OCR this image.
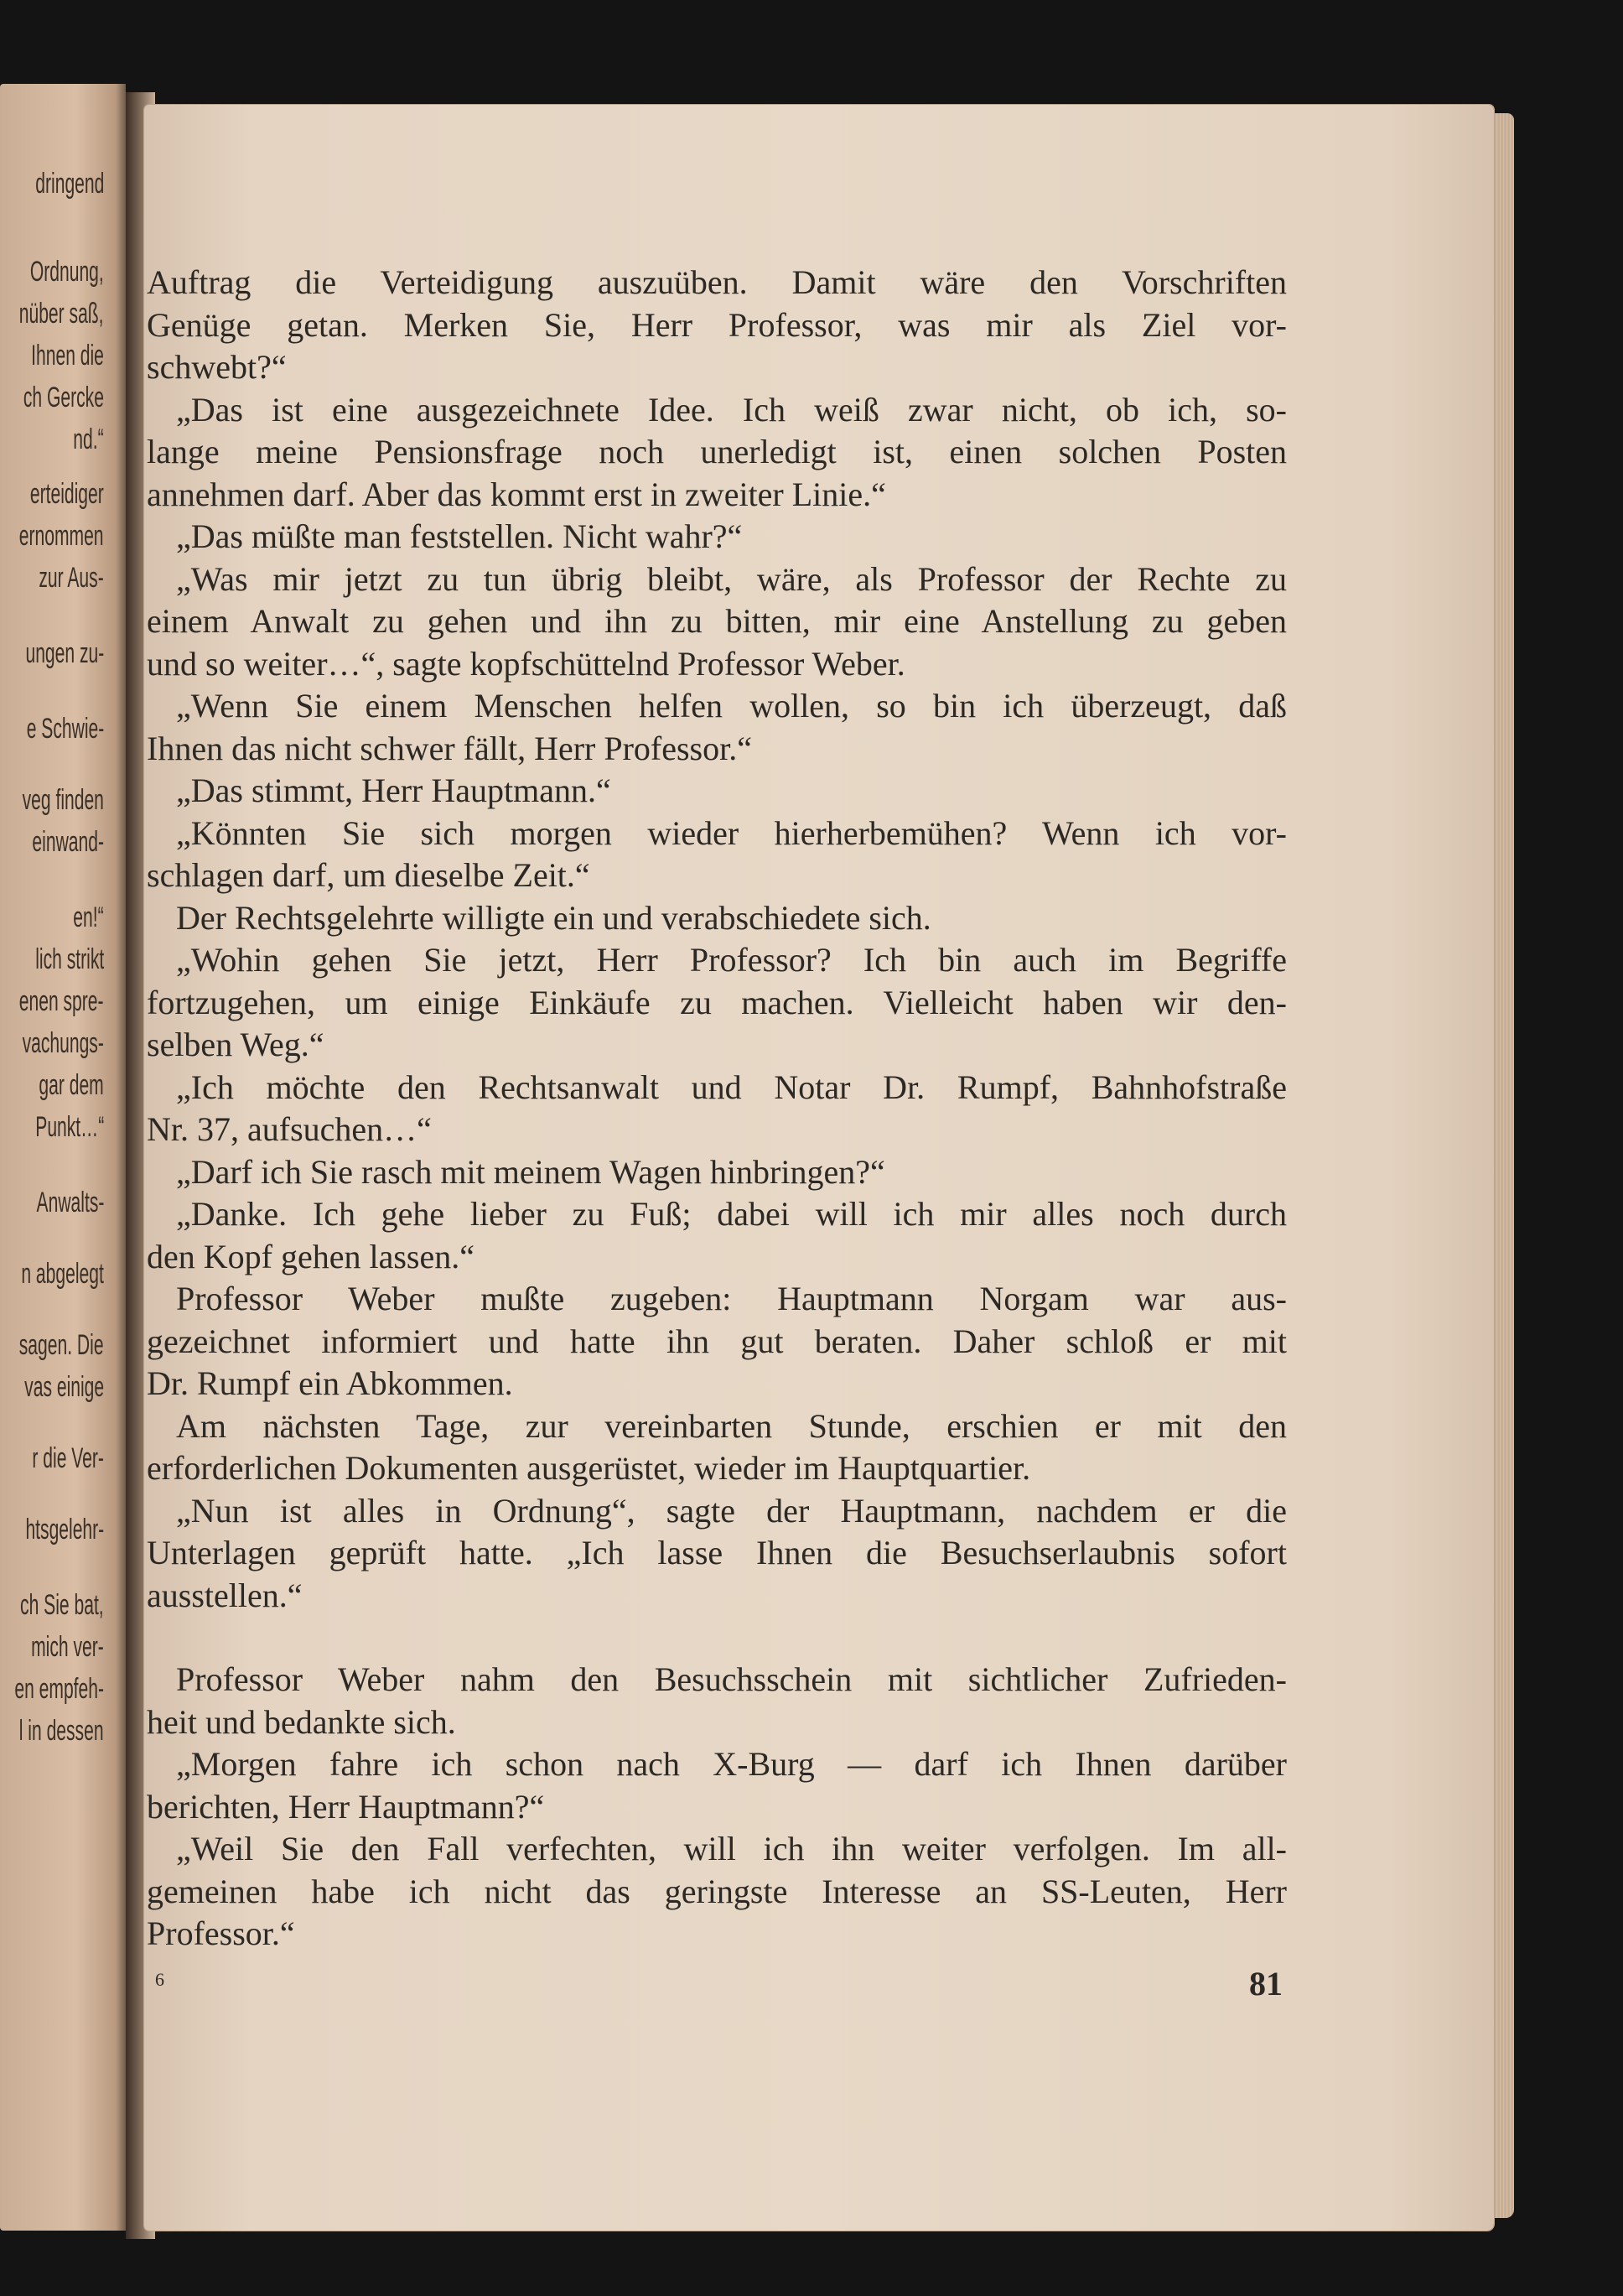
dringend
Ordnung,
nüber saß,
Ihnen die
ch Gercke
nd.“
erteidiger
ernommen
zur Aus-
ungen zu-
e Schwie-
veg finden
einwand-
en!“
lich strikt
enen spre-
vachungs-
gar dem
Punkt…“
Anwalts-
n abgelegt
sagen. Die
vas einige
r die Ver-
htsgelehr-
ch Sie bat,
mich ver-
en empfeh-
l in dessen
Auftrag die Verteidigung auszuüben. Damit wäre den Vorschriften
Genüge getan. Merken Sie, Herr Professor, was mir als Ziel vor-
schwebt?“
„Das ist eine ausgezeichnete Idee. Ich weiß zwar nicht, ob ich, so-
lange meine Pensionsfrage noch unerledigt ist, einen solchen Posten
annehmen darf. Aber das kommt erst in zweiter Linie.“
„Das müßte man feststellen. Nicht wahr?“
„Was mir jetzt zu tun übrig bleibt, wäre, als Professor der Rechte zu
einem Anwalt zu gehen und ihn zu bitten, mir eine Anstellung zu geben
und so weiter…“, sagte kopfschüttelnd Professor Weber.
„Wenn Sie einem Menschen helfen wollen, so bin ich überzeugt, daß
Ihnen das nicht schwer fällt, Herr Professor.“
„Das stimmt, Herr Hauptmann.“
„Könnten Sie sich morgen wieder hierherbemühen? Wenn ich vor-
schlagen darf, um dieselbe Zeit.“
Der Rechtsgelehrte willigte ein und verabschiedete sich.
„Wohin gehen Sie jetzt, Herr Professor? Ich bin auch im Begriffe
fortzugehen, um einige Einkäufe zu machen. Vielleicht haben wir den-
selben Weg.“
„Ich möchte den Rechtsanwalt und Notar Dr. Rumpf, Bahnhofstraße
Nr. 37, aufsuchen…“
„Darf ich Sie rasch mit meinem Wagen hinbringen?“
„Danke. Ich gehe lieber zu Fuß; dabei will ich mir alles noch durch
den Kopf gehen lassen.“
Professor Weber mußte zugeben: Hauptmann Norgam war aus-
gezeichnet informiert und hatte ihn gut beraten. Daher schloß er mit
Dr. Rumpf ein Abkommen.
Am nächsten Tage, zur vereinbarten Stunde, erschien er mit den
erforderlichen Dokumenten ausgerüstet, wieder im Hauptquartier.
„Nun ist alles in Ordnung“, sagte der Hauptmann, nachdem er die
Unterlagen geprüft hatte. „Ich lasse Ihnen die Besuchserlaubnis sofort
ausstellen.“
Professor Weber nahm den Besuchsschein mit sichtlicher Zufrieden-
heit und bedankte sich.
„Morgen fahre ich schon nach X-Burg — darf ich Ihnen darüber
berichten, Herr Hauptmann?“
„Weil Sie den Fall verfechten, will ich ihn weiter verfolgen. Im all-
gemeinen habe ich nicht das geringste Interesse an SS-Leuten, Herr
Professor.“
6	81
